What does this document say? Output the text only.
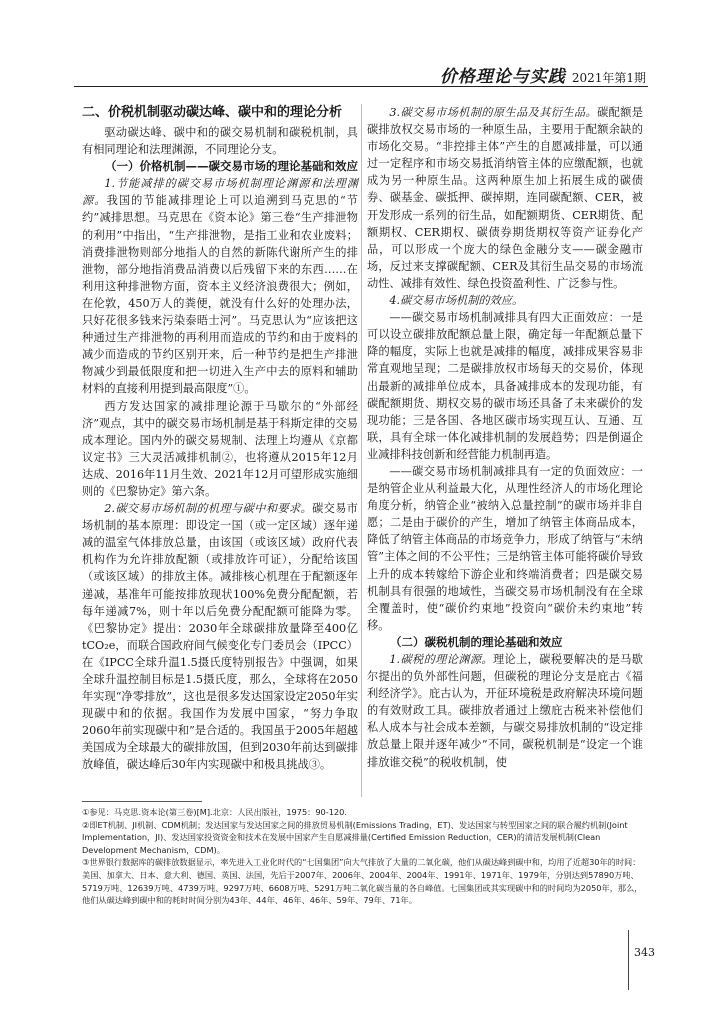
价格理论与实践 2021年第1期
二、价税机制驱动碳达峰、碳中和的理论分析

驱动碳达峰、碳中和的碳交易机制和碳税机制，具有相同理论和法理渊源，不同理论分支。

（一）价格机制——碳交易市场的理论基础和效应

1.节能减排的碳交易市场机制理论渊源和法理渊源。我国的节能减排理论上可以追溯到马克思的“节约”减排思想。马克思在《资本论》第三卷“生产排泄物的利用”中指出，“生产排泄物，是指工业和农业废料；消费排泄物则部分地指人的自然的新陈代谢所产生的排泄物，部分地指消费品消费以后残留下来的东西……在利用这种排泄物方面，资本主义经济浪费很大；例如，在伦敦，450万人的粪便，就没有什么好的处理办法，只好花很多钱来污染泰晤士河”。马克思认为“应该把这种通过生产排泄物的再利用而造成的节约和由于废料的减少而造成的节约区别开来，后一种节约是把生产排泄物减少到最低限度和把一切进入生产中去的原料和辅助材料的直接利用提到最高限度”①。

西方发达国家的减排理论源于马歇尔的“外部经济”观点，其中的碳交易市场机制是基于科斯定律的交易成本理论。国内外的碳交易规制、法理上均遵从《京都议定书》三大灵活减排机制②，也将遵从2015年12月达成、2016年11月生效、2021年12月可望形成实施细则的《巴黎协定》第六条。

2.碳交易市场机制的机理与碳中和要求。碳交易市场机制的基本原理：即设定一国（或一定区域）逐年递减的温室气体排放总量，由该国（或该区域）政府代表机构作为允许排放配额（或排放许可证），分配给该国（或该区域）的排放主体。减排核心机理在于配额逐年递减，基准年可能按排放现状100%免费分配配额，若每年递减7%，则十年以后免费分配配额可能降为零。《巴黎协定》提出：2030年全球碳排放量降至400亿tCO₂e，而联合国政府间气候变化专门委员会（IPCC）在《IPCC全球升温1.5摄氏度特别报告》中强调，如果全球升温控制目标是1.5摄氏度，那么，全球将在2050年实现“净零排放”，这也是很多发达国家设定2050年实现碳中和的依据。我国作为发展中国家，“努力争取2060年前实现碳中和”是合适的。我国虽于2005年超越美国成为全球最大的碳排放国，但到2030年前达到碳排放峰值，碳达峰后30年内实现碳中和极具挑战③。

3.碳交易市场机制的原生品及其衍生品。碳配额是碳排放权交易市场的一种原生品，主要用于配额余缺的市场化交易。“非控排主体”产生的自愿减排量，可以通过一定程序和市场交易抵消纳管主体的应缴配额，也就成为另一种原生品。这两种原生加上拓展生成的碳债券、碳基金、碳抵押、碳掉期，连同碳配额、CER，被开发形成一系列的衍生品，如配额期货、CER期货、配额期权、CER期权、碳债券期货期权等资产证券化产品，可以形成一个庞大的绿色金融分支——碳金融市场，反过来支撑碳配额、CER及其衍生品交易的市场流动性、减排有效性、绿色投资盈利性、广泛参与性。

4.碳交易市场机制的效应。

——碳交易市场机制减排具有四大正面效应：一是可以设立碳排放配额总量上限，确定每一年配额总量下降的幅度，实际上也就是减排的幅度，减排成果容易非常直观地呈现；二是碳排放权市场每天的交易价，体现出最新的减排单位成本，具备减排成本的发现功能，有碳配额期货、期权交易的碳市场还具备了未来碳价的发现功能；三是各国、各地区碳市场实现互认、互通、互联，具有全球一体化减排机制的发展趋势；四是倒逼企业减排科技创新和经营能力机制再造。

——碳交易市场机制减排具有一定的负面效应：一是纳管企业从利益最大化，从理性经济人的市场化理论角度分析，纳管企业“被纳入总量控制”的碳市场并非自愿；二是由于碳价的产生，增加了纳管主体商品成本，降低了纳管主体商品的市场竞争力，形成了纳管与“未纳管”主体之间的不公平性；三是纳管主体可能将碳价导致上升的成本转嫁给下游企业和终端消费者；四是碳交易机制具有很强的地域性，当碳交易市场机制没有在全球全覆盖时，使“碳价约束地”投资向“碳价未约束地”转移。

（二）碳税机制的理论基础和效应

1.碳税的理论渊源。理论上，碳税要解决的是马歇尔提出的负外部性问题，但碳税的理论分支是庇古《福利经济学》。庇古认为，开征环境税是政府解决环境问题的有效财政工具。碳排放者通过上缴庇古税来补偿他们私人成本与社会成本差额，与碳交易排放机制的“设定排放总量上限并逐年减少”不同，碳税机制是“设定一个谁排放谁交税”的税收机制，使

①参见：马克思.资本论(第三卷)[M].北京：人民出版社，1975：90-120.

②即ET机制、JI机制、CDM机制；发达国家与发达国家之间的排放贸易机制(Emissions Trading，ET)、发达国家与转型国家之间的联合履约机制(Joint Implementation，JI)、发达国家投资资金和技术在发展中国家产生自愿减排量(Certified Emission Reduction，CER)的清洁发展机制(Clean Development Mechanism，CDM)。

③世界银行数据库的碳排放数据显示，率先进入工业化时代的“七国集团”向大气排放了大量的二氧化碳，他们从碳达峰到碳中和，均用了近超30年的时间：美国、加拿大、日本、意大利、德国、英国、法国，先后于2007年、2006年、2004年、2004年、1991年、1971年、1979年，分别达到57890万吨、5719万吨、12639万吨、4739万吨、9297万吨、6608万吨、5291万吨二氧化碳当量的各自峰值。七国集团或其实现碳中和的时间均为2050年，那么，他们从碳达峰到碳中和的耗时时间分别为43年、44年、46年、46年、59年、79年、71年。

343
